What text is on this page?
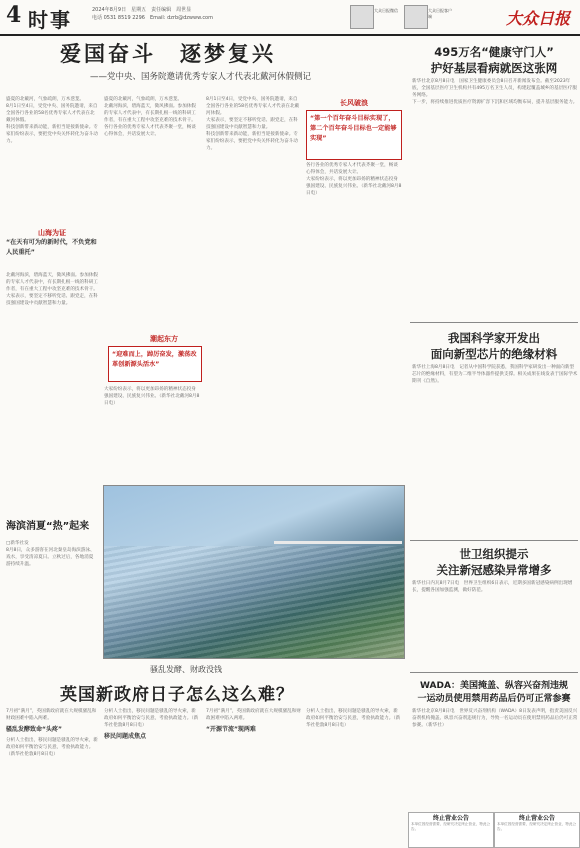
4 时事	2024年8月9日　星期五　责任编辑　周世显
电话 0531 8519 2296　Email: dzrb@dzwww.com
大众日报微信	大众日报客户端	大众日报
爱国奋斗　逐梦复兴
——党中央、国务院邀请优秀专家人才代表北戴河休假侧记
盛夏的北戴河，气象疏朗，万木葱茏。
8月1日至4日，受党中央、国务院邀请，来自全国各行各业的58名优秀专家人才代表在北戴河休假。
科技创新带来新动能，新担当迎接新使命。专家们纷纷表示，要把党中央关怀转化为奋斗动力。
山海为证
“在天有可为的新时代，不负党和人民重托”
北戴河海滨，碧海蓝天，微风拂面。参加休假的专家人才代表中，有长期扎根一线的科研工作者，有在重大工程中攻坚克难的技术骨干。
大家表示，要坚定不移听党话、跟党走，在科技强国建设中贡献智慧和力量。
盛夏的北戴河，气象疏朗，万木葱茏。
北戴河海滨，碧海蓝天，微风拂面。参加休假的专家人才代表中，有长期扎根一线的科研工作者，有在重大工程中攻坚克难的技术骨干。
各行各业的优秀专家人才代表齐聚一堂，畅谈心得体会，共话发展大计。
潮起东方
“迎难而上，踔厉奋发，激荡改革创新源头活水”
大家纷纷表示，将以更加昂扬的精神状态投身强国建设、民族复兴伟业。（新华社北戴河8月8日电）
8月1日至4日，受党中央、国务院邀请，来自全国各行各业的58名优秀专家人才代表在北戴河休假。
大家表示，要坚定不移听党话、跟党走，在科技强国建设中贡献智慧和力量。
科技创新带来新动能，新担当迎接新使命。专家们纷纷表示，要把党中央关怀转化为奋斗动力。
长风破浪
“第一个百年奋斗目标实现了，第二个百年奋斗目标也一定能够实现”
各行各业的优秀专家人才代表齐聚一堂，畅谈心得体会，共话发展大计。
大家纷纷表示，将以更加昂扬的精神状态投身强国建设、民族复兴伟业。（新华社北戴河8月8日电）
海滨消夏“热”起来
□新华社发
8月8日，众多游客在河北秦皇岛海滨游泳、戏水，享受清凉夏日。立秋过后，各地消夏游持续升温。
骚乱发酵、财政没钱
英国新政府日子怎么这么难？
7月初“满月”，英国新政府就在大规模骚乱和财政困难中陷入两难。
骚乱发酵致命“头疼”
分析人士指出，移民问题是骚乱的导火索，新政府如何平衡治安与民意，考验执政能力。（新华社伦敦8月8日电）
分析人士指出，移民问题是骚乱的导火索，新政府如何平衡治安与民意，考验执政能力。（新华社伦敦8月8日电）
移民问题成焦点
7月初“满月”，英国新政府就在大规模骚乱和财政困难中陷入两难。
“开源节流”现两难
分析人士指出，移民问题是骚乱的导火索，新政府如何平衡治安与民意，考验执政能力。（新华社伦敦8月8日电）
495万名“健康守门人”
护好基层看病就医这张网
新华社北京8月8日电　国家卫生健康委员会8日召开新闻发布会。截至2023年底，全国基层医疗卫生机构共有495万名卫生人员，构建起覆盖城乡的基层医疗服务网络。
下一步，将持续推进优质医疗资源扩容下沉和区域均衡布局，提升基层服务能力。
我国科学家开发出
面向新型芯片的绝缘材料
新华社上海8月8日电　记者从中国科学院获悉，我国科学家研发出一种面向新型芯片的绝缘材料，有望为二维半导体器件提供支撑。相关成果在线发表于国际学术期刊《自然》。
世卫组织提示
关注新冠感染异常增多
新华社日内瓦8月7日电　世界卫生组织6日表示，近期多国新冠感染病例出现增长，提醒各国加强监测，做好防范。
WADA：美国掩盖、纵容兴奋剂违规
一运动员使用禁用药品后仍可正常参赛
新华社北京8月8日电　世界反兴奋剂机构（WADA）8日发表声明，指责美国反兴奋剂机构掩盖、纵容兴奋剂违规行为，导致一名运动员在使用禁用药品后仍可正常参赛。（新华社）
终止营业公告
本单位因经营需要，经研究决定终止营业，特此公告。
终止营业公告
本单位因经营需要，经研究决定终止营业，特此公告。
